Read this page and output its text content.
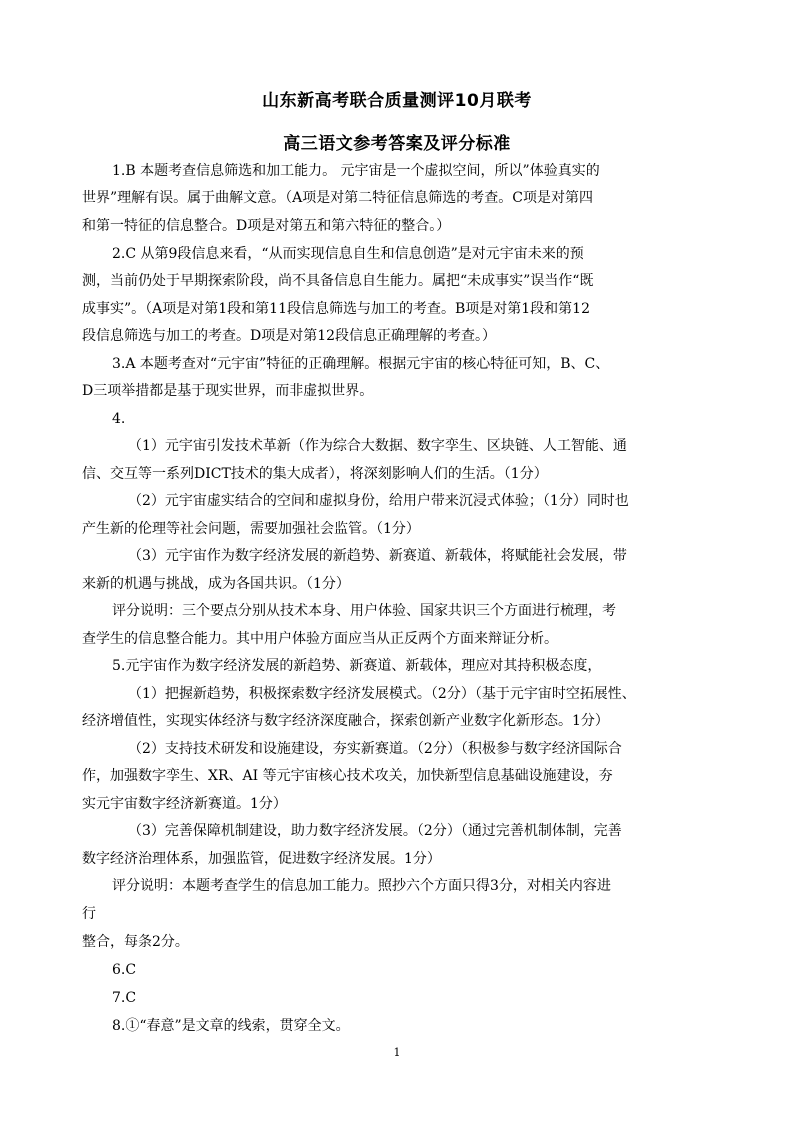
山东新高考联合质量测评10月联考
高三语文参考答案及评分标准
1.B 本题考查信息筛选和加工能力。 元宇宙是一个虚拟空间，所以”体验真实的
世界”理解有误。属于曲解文意。（A项是对第二特征信息筛选的考查。C项是对第四
和第一特征的信息整合。D项是对第五和第六特征的整合。）
2.C 从第9段信息来看，“从而实现信息自生和信息创造”是对元宇宙未来的预
测，当前仍处于早期探索阶段，尚不具备信息自生能力。属把“未成事实”误当作“既
成事实”。（A项是对第1段和第11段信息筛选与加工的考查。B项是对第1段和第12
段信息筛选与加工的考查。D项是对第12段信息正确理解的考查。）
3.A 本题考查对“元宇宙”特征的正确理解。根据元宇宙的核心特征可知，B、C、
D三项举措都是基于现实世界，而非虚拟世界。
4.
（1）元宇宙引发技术革新（作为综合大数据、数字孪生、区块链、人工智能、通
信、交互等一系列DICT技术的集大成者），将深刻影响人们的生活。（1分）
（2）元宇宙虚实结合的空间和虚拟身份，给用户带来沉浸式体验；（1分）同时也
产生新的伦理等社会问题，需要加强社会监管。（1分）
（3）元宇宙作为数字经济发展的新趋势、新赛道、新载体，将赋能社会发展，带
来新的机遇与挑战，成为各国共识。（1分）
评分说明：三个要点分别从技术本身、用户体验、国家共识三个方面进行梳理，考
查学生的信息整合能力。其中用户体验方面应当从正反两个方面来辩证分析。
5.元宇宙作为数字经济发展的新趋势、新赛道、新载体，理应对其持积极态度，
（1）把握新趋势，积极探索数字经济发展模式。（2分）（基于元宇宙时空拓展性、
经济增值性，实现实体经济与数字经济深度融合，探索创新产业数字化新形态。1分）
（2）支持技术研发和设施建设，夯实新赛道。（2分）（积极参与数字经济国际合
作，加强数字孪生、XR、AI 等元宇宙核心技术攻关，加快新型信息基础设施建设，夯
实元宇宙数字经济新赛道。1分）
（3）完善保障机制建设，助力数字经济发展。（2分）（通过完善机制体制，完善
数字经济治理体系，加强监管，促进数字经济发展。1分）
评分说明：本题考查学生的信息加工能力。照抄六个方面只得3分，对相关内容进
行
整合，每条2分。
6.C
7.C
8.①“春意”是文章的线索，贯穿全文。
1
